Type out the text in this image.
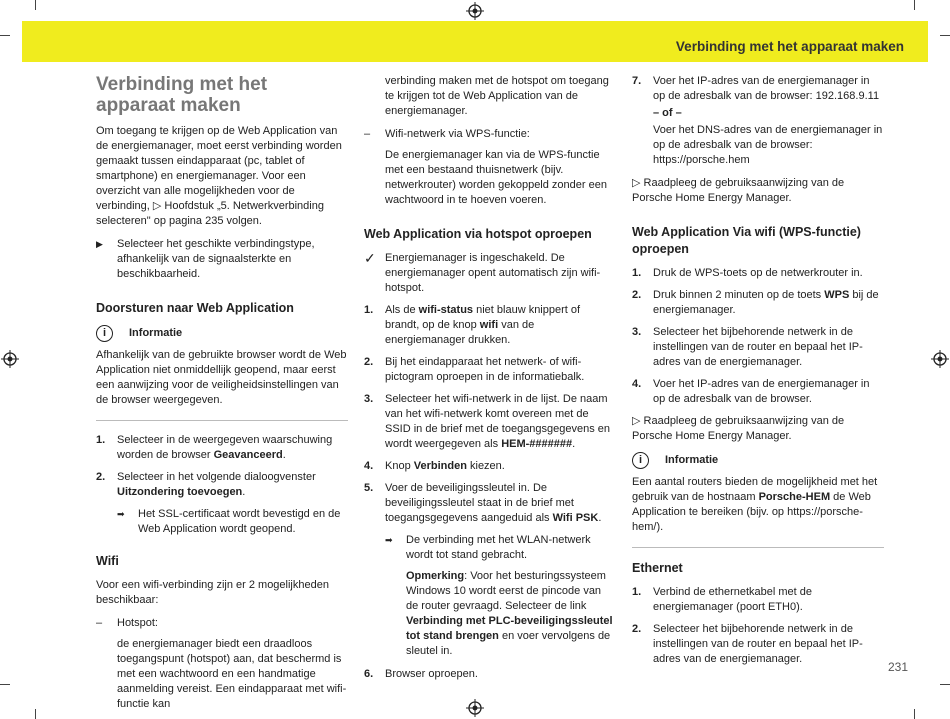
Verbinding met het apparaat maken
Verbinding met het apparaat maken

Om toegang te krijgen op de Web Application van de energiemanager, moet eerst verbinding worden gemaakt tussen eindapparaat (pc, tablet of smartphone) en energiemanager. Voor een overzicht van alle mogelijkheden voor de verbinding, ▷ Hoofdstuk „5. Netwerkverbinding selecteren" op pagina 235 volgen.

▶	Selecteer het geschikte verbindingstype, afhankelijk van de signaalsterkte en beschikbaarheid.
Doorsturen naar Web Application
i	Informatie

Afhankelijk van de gebruikte browser wordt de Web Application niet onmiddellijk geopend, maar eerst een aanwijzing voor de veiligheidsinstellingen van de browser weergegeven.

1.	Selecteer in de weergegeven waarschuwing worden de browser Geavanceerd.
2.	Selecteer in het volgende dialoogvenster Uitzondering toevoegen.
➡	Het SSL-certificaat wordt bevestigd en de Web Application wordt geopend.
Wifi

Voor een wifi-verbinding zijn er 2 mogelijkheden beschikbaar:

–	Hotspot:

de energiemanager biedt een draadloos toegangspunt (hotspot) aan, dat beschermd is met een wachtwoord en een handmatige aanmelding vereist. Een eindapparaat met wifi-functie kan

verbinding maken met de hotspot om toegang te krijgen tot de Web Application van de energiemanager.

–	Wifi-netwerk via WPS-functie:

De energiemanager kan via de WPS-functie met een bestaand thuisnetwerk (bijv. netwerkrouter) worden gekoppeld zonder een wachtwoord in te hoeven voeren.

Web Application via hotspot oproepen
✓ Energiemanager is ingeschakeld. De energiemanager opent automatisch zijn wifi-hotspot.
1.	Als de wifi-status niet blauw knippert of brandt, op de knop wifi van de energiemanager drukken.
2.	Bij het eindapparaat het netwerk- of wifi-pictogram oproepen in de informatiebalk.
3.	Selecteer het wifi-netwerk in de lijst. De naam van het wifi-netwerk komt overeen met de SSID in de brief met de toegangsgegevens en wordt weergegeven als HEM-#######.
4.	Knop Verbinden kiezen.
5.	Voer de beveiligingssleutel in. De beveiligingssleutel staat in de brief met toegangsgegevens aangeduid als Wifi PSK.
➡	De verbinding met het WLAN-netwerk wordt tot stand gebracht.

Opmerking: Voor het besturingssysteem Windows 10 wordt eerst de pincode van de router gevraagd. Selecteer de link Verbinding met PLC-beveiligingssleutel tot stand brengen en voer vervolgens de sleutel in.

6.	Browser oproepen.
7.	Voer het IP-adres van de energiemanager in op de adresbalk van de browser: 192.168.9.11

– of –

Voer het DNS-adres van de energiemanager in op de adresbalk van de browser: https://porsche.hem

▷ Raadpleeg de gebruiksaanwijzing van de Porsche Home Energy Manager.

Web Application Via wifi (WPS-functie) oproepen
1.	Druk de WPS-toets op de netwerkrouter in.
2.	Druk binnen 2 minuten op de toets WPS bij de energiemanager.
3.	Selecteer het bijbehorende netwerk in de instellingen van de router en bepaal het IP-adres van de energiemanager.
4.	Voer het IP-adres van de energiemanager in op de adresbalk van de browser.

▷ Raadpleeg de gebruiksaanwijzing van de Porsche Home Energy Manager.

i	Informatie

Een aantal routers bieden de mogelijkheid met het gebruik van de hostnaam Porsche-HEM de Web Application te bereiken (bijv. op https://porsche-hem/).

Ethernet
1.	Verbind de ethernetkabel met de energiemanager (poort ETH0).
2.	Selecteer het bijbehorende netwerk in de instellingen van de router en bepaal het IP-adres van de energiemanager.
231
